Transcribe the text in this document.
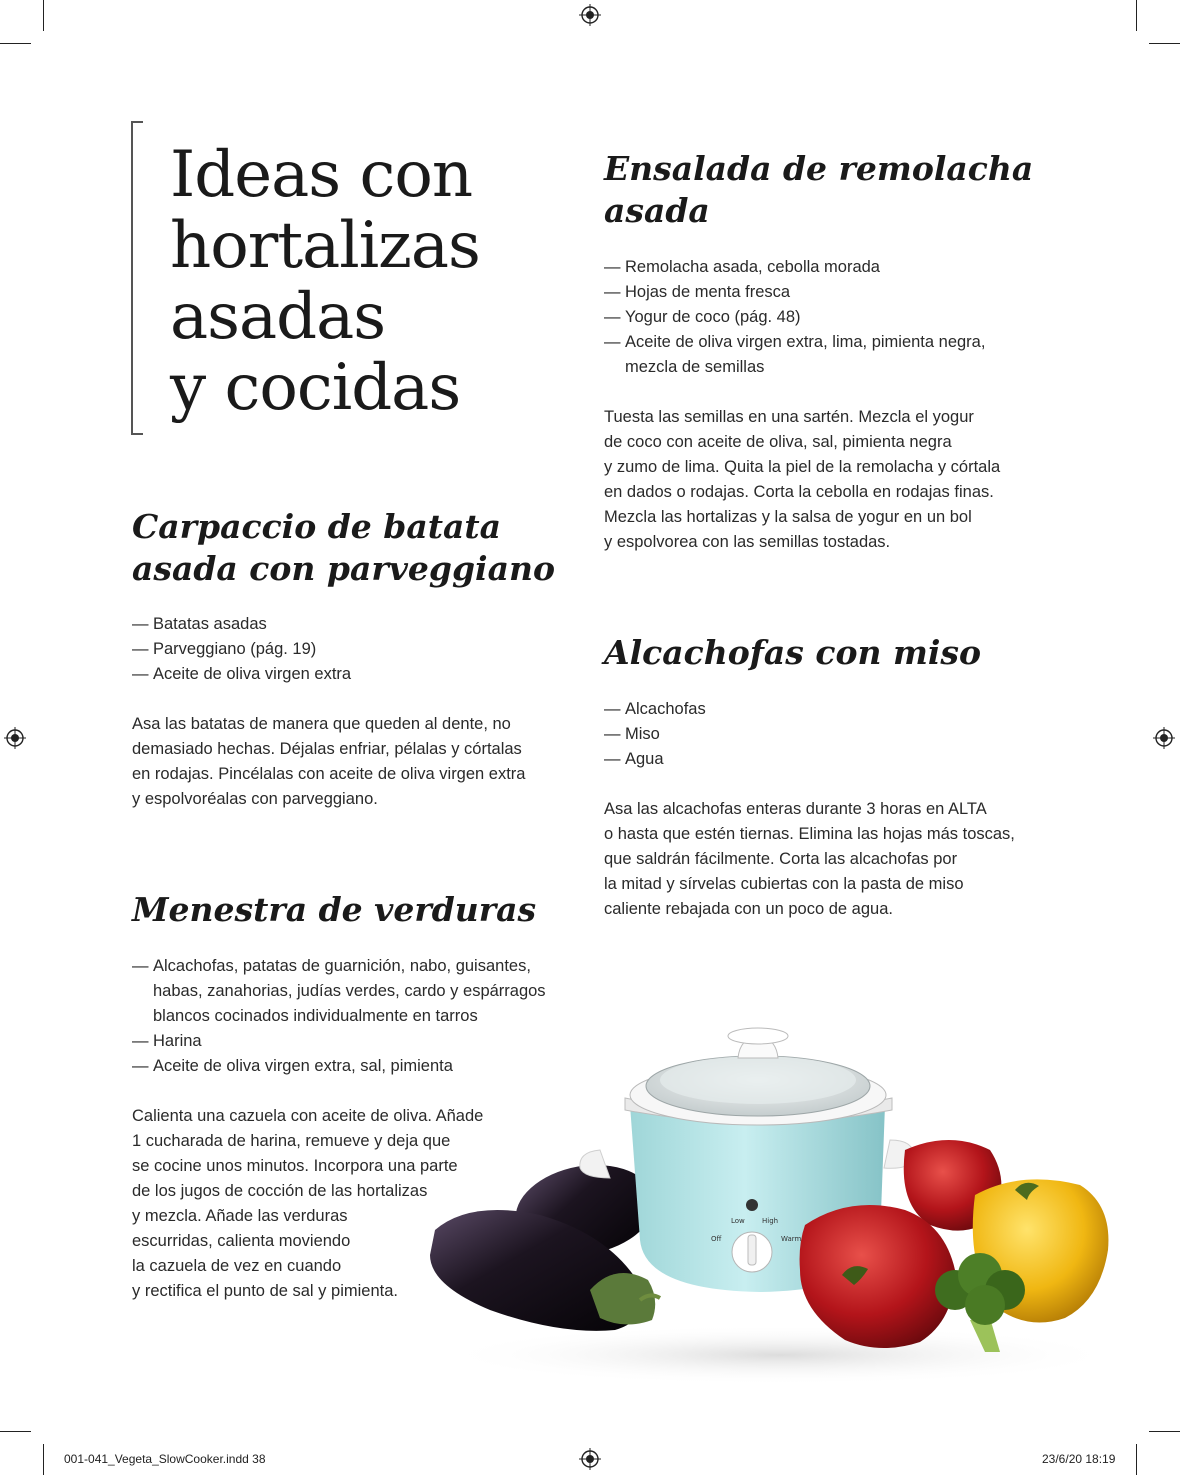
Ideas con
hortalizas
asadas
y cocidas
Carpaccio de batata
asada con parveggiano
— Batatas asadas
— Parveggiano (pág. 19)
— Aceite de oliva virgen extra
Asa las batatas de manera que queden al dente, no
demasiado hechas. Déjalas enfriar, pélalas y córtalas
en rodajas. Pincélalas con aceite de oliva virgen extra
y espolvoréalas con parveggiano.
Menestra de verduras
— Alcachofas, patatas de guarnición, nabo, guisantes,
habas, zanahorias, judías verdes, cardo y espárragos
blancos cocinados individualmente en tarros
— Harina
— Aceite de oliva virgen extra, sal, pimienta
Calienta una cazuela con aceite de oliva. Añade
1 cucharada de harina, remueve y deja que
se cocine unos minutos. Incorpora una parte
de los jugos de cocción de las hortalizas
y mezcla. Añade las verduras
escurridas, calienta moviendo
la cazuela de vez en cuando
y rectifica el punto de sal y pimienta.
Ensalada de remolacha
asada
— Remolacha asada, cebolla morada
— Hojas de menta fresca
— Yogur de coco (pág. 48)
— Aceite de oliva virgen extra, lima, pimienta negra,
mezcla de semillas
Tuesta las semillas en una sartén. Mezcla el yogur
de coco con aceite de oliva, sal, pimienta negra
y zumo de lima. Quita la piel de la remolacha y córtala
en dados o rodajas. Corta la cebolla en rodajas finas.
Mezcla las hortalizas y la salsa de yogur en un bol
y espolvorea con las semillas tostadas.
Alcachofas con miso
— Alcachofas
— Miso
— Agua
Asa las alcachofas enteras durante 3 horas en ALTA
o hasta que estén tiernas. Elimina las hojas más toscas,
que saldrán fácilmente. Corta las alcachofas por
la mitad y sírvelas cubiertas con la pasta de miso
caliente rebajada con un poco de agua.
Low High
Off	Warm
001-041_Vegeta_SlowCooker.indd 38	23/6/20 18:19
